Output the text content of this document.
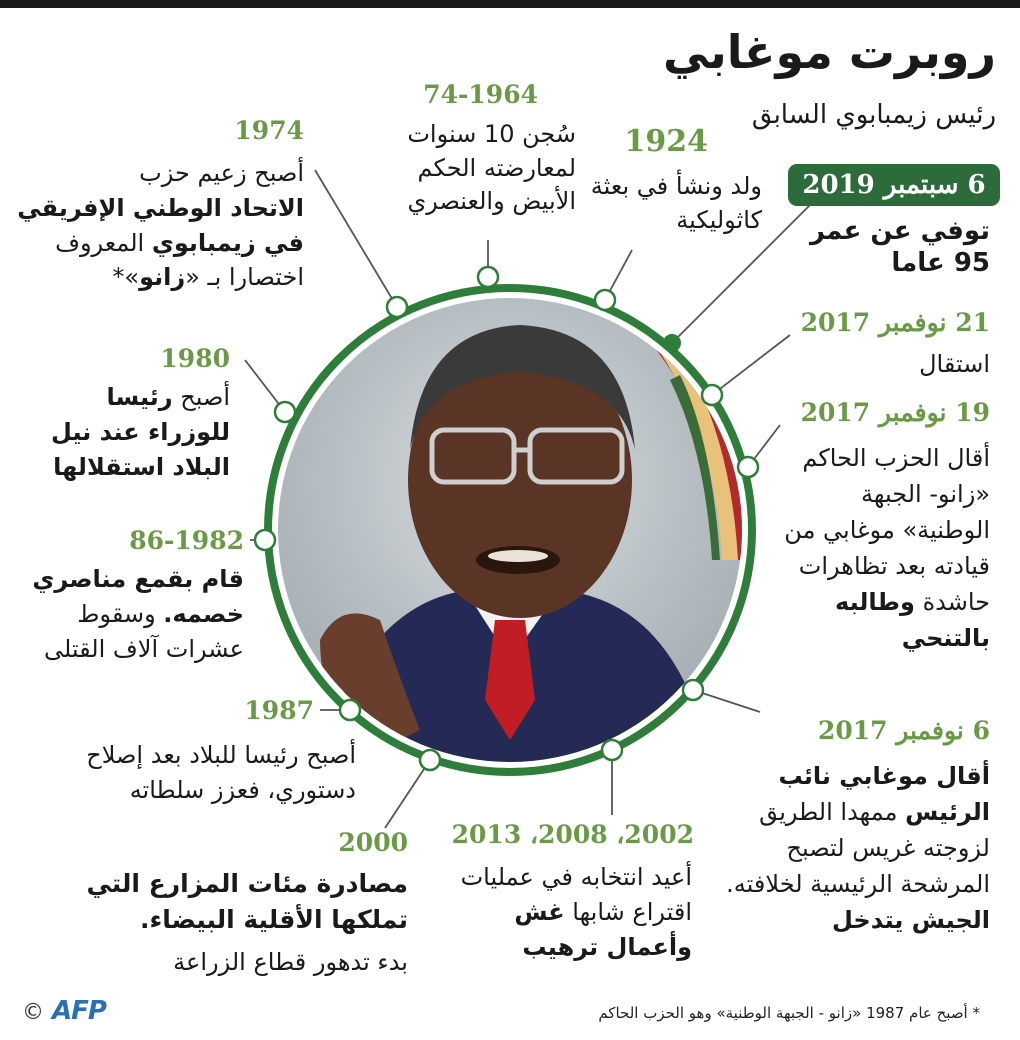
روبرت موغابي
رئيس زيمبابوي السابق
6 سبتمبر 2019
توفي عن عمر 95 عاما
21 نوفمبر 2017
استقال
19 نوفمبر 2017
أقال الحزب الحاكم «زانو- الجبهة الوطنية» موغابي من قيادته بعد تظاهرات حاشدة وطالبه بالتنحي
6 نوفمبر 2017
أقال موغابي نائب الرئيس ممهدا الطريق لزوجته غريس لتصبح المرشحة الرئيسية لخلافته. الجيش يتدخل
2002، 2008، 2013
أعيد انتخابه في عمليات اقتراع شابها غش وأعمال ترهيب
2000
مصادرة مئات المزارع التي تملكها الأقلية البيضاء.
بدء تدهور قطاع الزراعة
1987
أصبح رئيسا للبلاد بعد إصلاح دستوري، فعزز سلطاته
86-1982
قام بقمع مناصري
خصمه. وسقوط
عشرات آلاف القتلى
1980
أصبح رئيسا
للوزراء عند نيل
البلاد استقلالها
1974
أصبح زعيم حزب
الاتحاد الوطني الإفريقي
في زيمبابوي المعروف
اختصارا بـ «زانو»*
74-1964
سُجن 10 سنوات لمعارضته الحكم الأبيض والعنصري
1924
ولد ونشأ في بعثة كاثوليكية
* أصبح عام 1987 «زانو - الجبهة الوطنية» وهو الحزب الحاكم
AFP
©
